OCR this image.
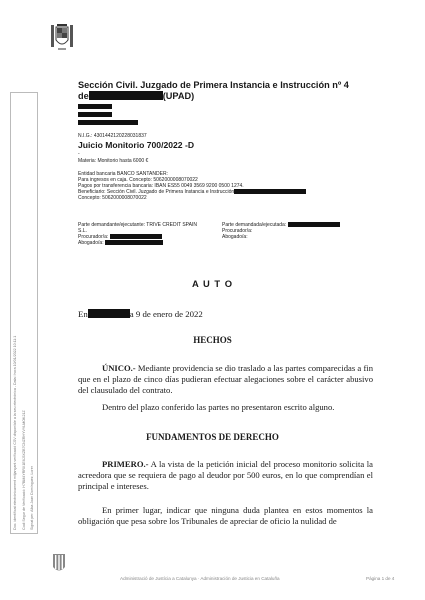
Doc. identificat electrònicament mitjançant verificació CSV disponible a la seu electrònica - Data i hora 10/01/2022 10:11:1 Codi Segur de Verificació: H7BM4YRRX1E6J3XZB7CNZRHYVYLMOK21Z Signat per: Alba Joan Domínguez, Lorer
Sección Civil. Juzgado de Primera Instancia e Instrucción nº 4
de	(UPAD)
N.I.G.: 4301442120228031837
Juicio Monitorio 700/2022 -D
-
Materia: Monitorio hasta 6000 €
Entidad bancaria BANCO SANTANDER:
Para ingresos en caja. Concepto: 5062000008070022
Pagos por transferencia bancaria: IBAN ES55 0049 3569 9200 0500 1274.
Beneficiario: Sección Civil. Juzgado de Primera Instancia e Instrucción
Concepto: 5062000008070022
Parte demandante/ejecutante: TRIVE CREDIT SPAIN
S.L.
Procurador/a:
Abogado/a:
Parte demandada/ejecutada:
Procurador/a:
Abogado/a:
A U T O
En	a 9 de enero de 2022
HECHOS
ÚNICO.- Mediante providencia se dio traslado a las partes comparecidas a fin que en el plazo de cinco días pudieran efectuar alegaciones sobre el carácter abusivo del clausulado del contrato.
Dentro del plazo conferido las partes no presentaron escrito alguno.
FUNDAMENTOS DE DERECHO
PRIMERO.- A la vista de la petición inicial del proceso monitorio solicita la acreedora que se requiera de pago al deudor por 500 euros, en lo que comprendían el principal e intereses.
En primer lugar, indicar que ninguna duda plantea en estos momentos la obligación que pesa sobre los Tribunales de apreciar de oficio la nulidad de
Administració de Justícia a Catalunya · Administración de Justicia en Cataluña	Página 1 de 4
